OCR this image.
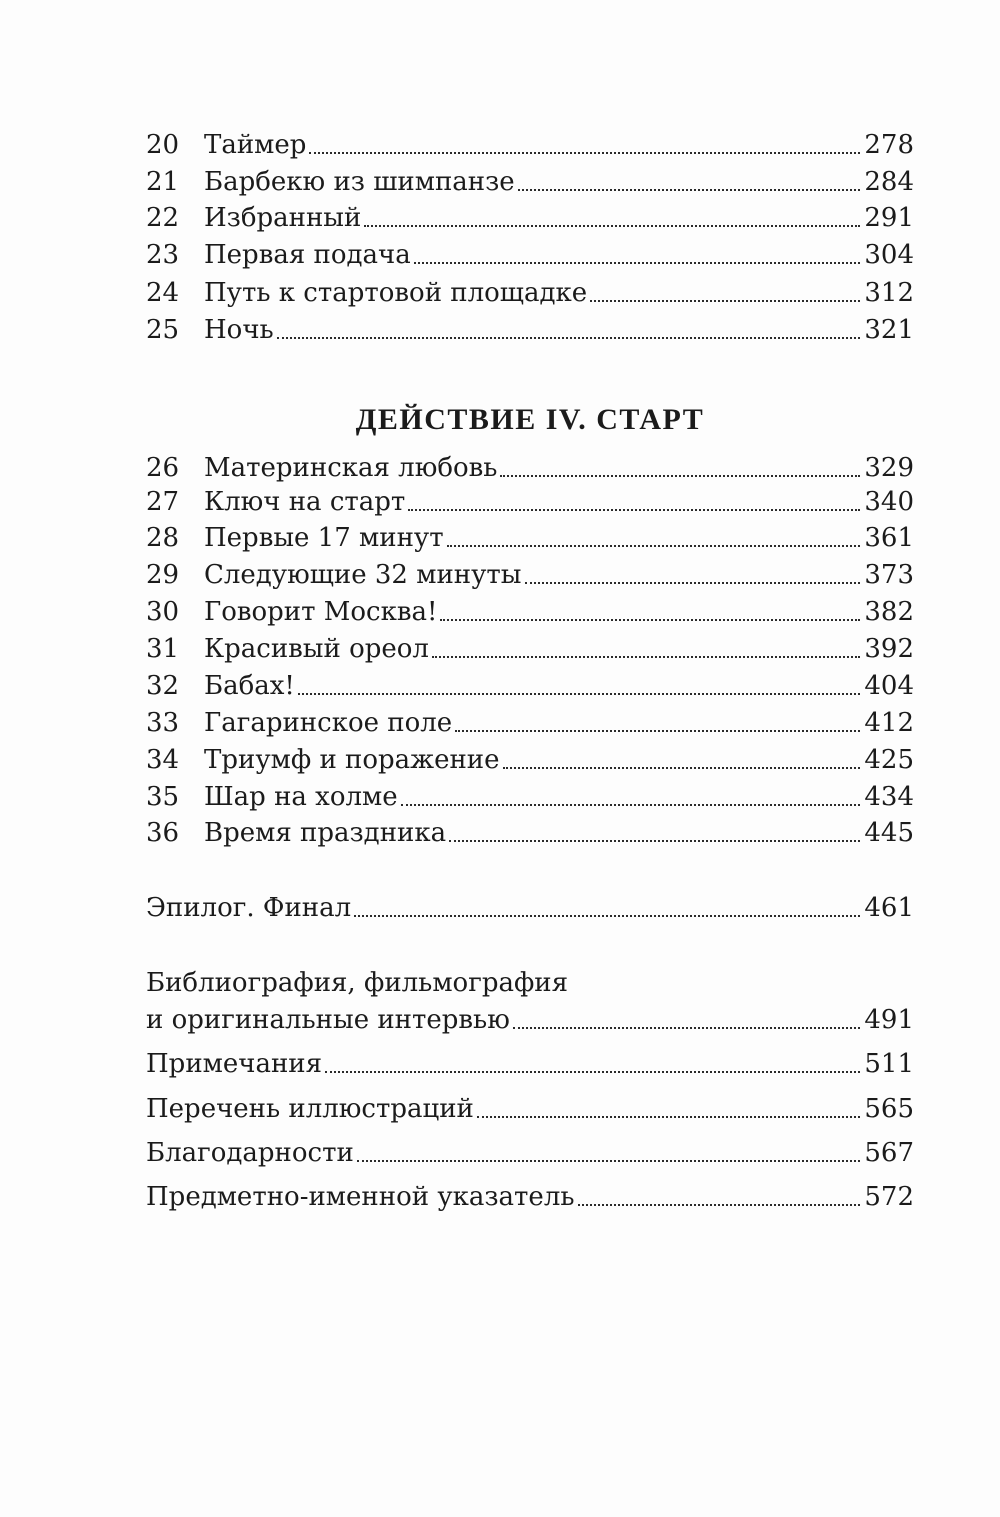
20 Таймер	278
21 Барбекю из шимпанзе	284
22 Избранный	291
23 Первая подача	304
24 Путь к стартовой площадке	312
25 Ночь	321
ДЕЙСТВИЕ IV. СТАРТ
26 Материнская любовь	329
27 Ключ на старт	340
28 Первые 17 минут	361
29 Следующие 32 минуты	373
30 Говорит Москва!	382
31 Красивый ореол	392
32 Бабах!	404
33 Гагаринское поле	412
34 Триумф и поражение	425
35 Шар на холме	434
36 Время праздника	445
Эпилог. Финал	461
Библиография, фильмография
и оригинальные интервью	491
Примечания	511
Перечень иллюстраций	565
Благодарности	567
Предметно-именной указатель	572
